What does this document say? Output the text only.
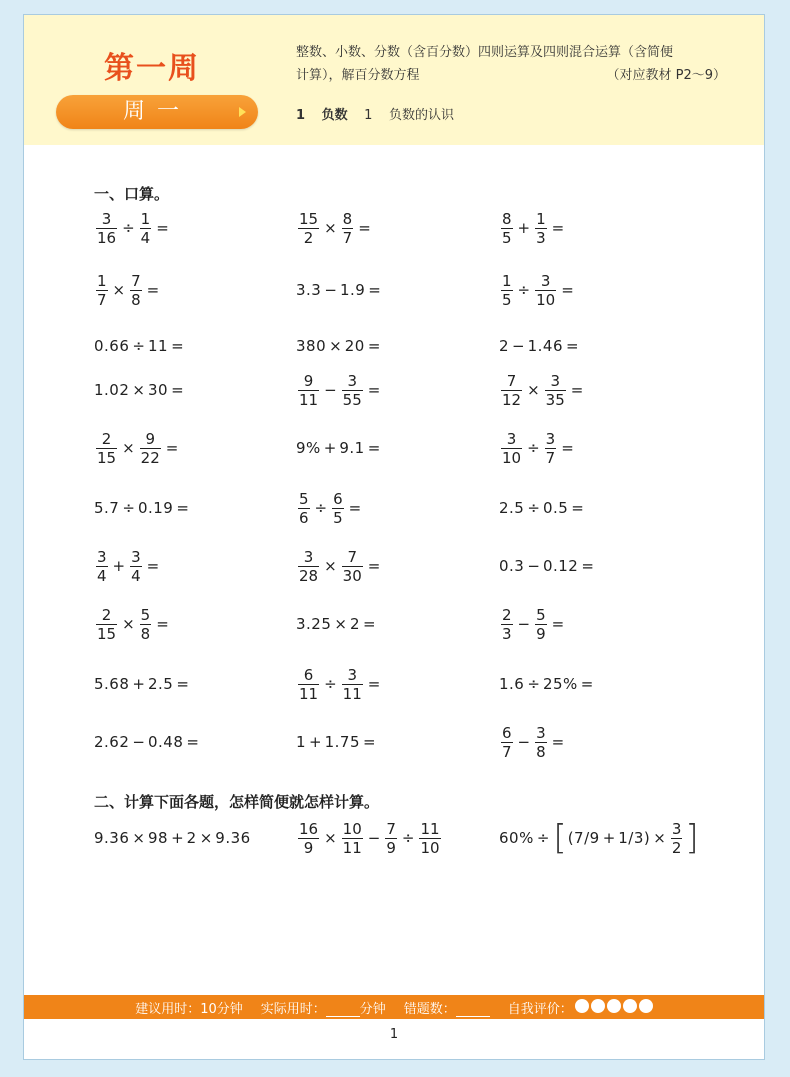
第一周
周一
整数、小数、分数（含百分数）四则运算及四则混合运算（含简便
计算），解百分数方程	（对应教材 P2～9）
1 负数 1 负数的认识
一、口算。
$\frac{3}{16} \div \frac{1}{4}$ =	$\frac{15}{2} \times \frac{8}{7}$ =	$\frac{8}{5} + \frac{1}{3}$ =
$\frac{1}{7} \times \frac{7}{8}$ =	3.3 − 1.9 =	$\frac{1}{5} \div \frac{3}{10}$ =
0.66 ÷ 11 =	380 × 20 =	2 − 1.46 =
1.02 × 30 =	$\frac{9}{11} - \frac{3}{55}$ =	$\frac{7}{12} \times \frac{3}{35}$ =
$\frac{2}{15} \times \frac{9}{22}$ =	9% + 9.1 =	$\frac{3}{10} \div \frac{3}{7}$ =
5.7 ÷ 0.19 =	$\frac{5}{6} \div \frac{6}{5}$ =	2.5 ÷ 0.5 =
$\frac{3}{4} + \frac{3}{4}$ =	$\frac{3}{28} \times \frac{7}{30}$ =	0.3 − 0.12 =
$\frac{2}{15} \times \frac{5}{8}$ =	3.25 × 2 =	$\frac{2}{3} - \frac{5}{9}$ =
5.68 + 2.5 =	$\frac{6}{11} \div \frac{3}{11}$ =	1.6 ÷ 25% =
2.62 − 0.48 =	1 + 1.75 =	$\frac{6}{7} - \frac{3}{8}$ =
二、计算下面各题，怎样简便就怎样计算。
9.36 × 98 + 2 × 9.36	$\frac{16}{9} \times \frac{10}{11} - \frac{7}{9} \div \frac{11}{10}$	60% ÷ [ $(7/9 + 1/3) \times \frac{3}{2}$ ]
建议用时：10分钟 实际用时：	分钟 错题数：	自我评价：
1
